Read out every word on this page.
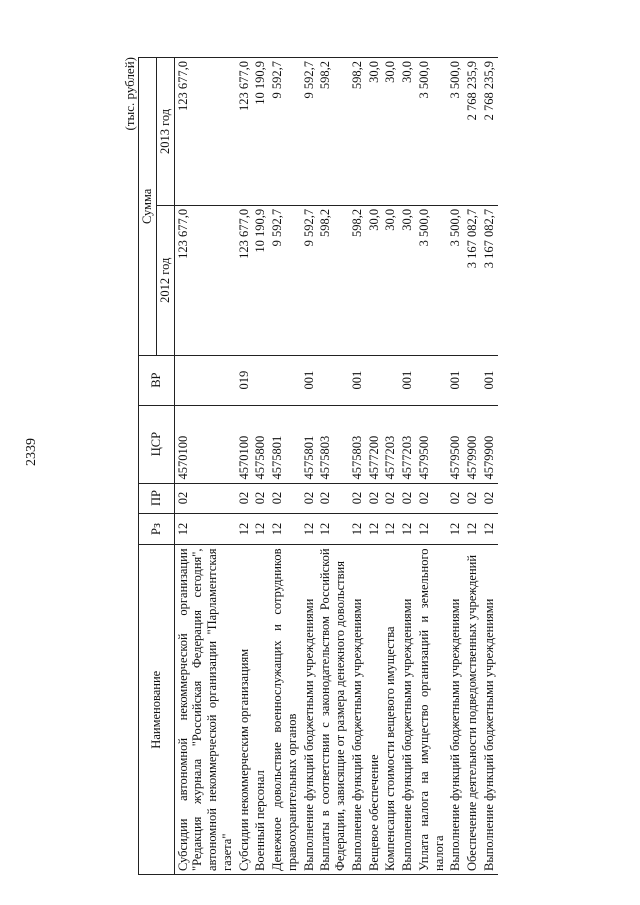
2339
(тыс. рублей)
Наименование	Рз	ПР	ЦСР	ВР	Сумма	
					2012 год	2013 год
Субсидии автономной некоммерческой организации "Редакция журнала "Российская Федерация сегодня", автономной некоммерческой организации "Парламентская газета"	12	02	4570100		123 677,0	123 677,0
Субсидии некоммерческим организациям	12	02	4570100	019	123 677,0	123 677,0
Военный персонал	12	02	4575800		10 190,9	10 190,9
Денежное довольствие военнослужащих и сотрудников правоохранительных органов	12	02	4575801		9 592,7	9 592,7
Выполнение функций бюджетными учреждениями	12	02	4575801	001	9 592,7	9 592,7
Выплаты в соответствии с законодательством Российской Федерации, зависящие от размера денежного довольствия	12	02	4575803		598,2	598,2
Выполнение функций бюджетными учреждениями	12	02	4575803	001	598,2	598,2
Вещевое обеспечение	12	02	4577200		30,0	30,0
Компенсация стоимости вещевого имущества	12	02	4577203		30,0	30,0
Выполнение функций бюджетными учреждениями	12	02	4577203	001	30,0	30,0
Уплата налога на имущество организаций и земельного налога	12	02	4579500		3 500,0	3 500,0
Выполнение функций бюджетными учреждениями	12	02	4579500	001	3 500,0	3 500,0
Обеспечение деятельности подведомственных учреждений	12	02	4579900		3 167 082,7	2 768 235,9
Выполнение функций бюджетными учреждениями	12	02	4579900	001	3 167 082,7	2 768 235,9
